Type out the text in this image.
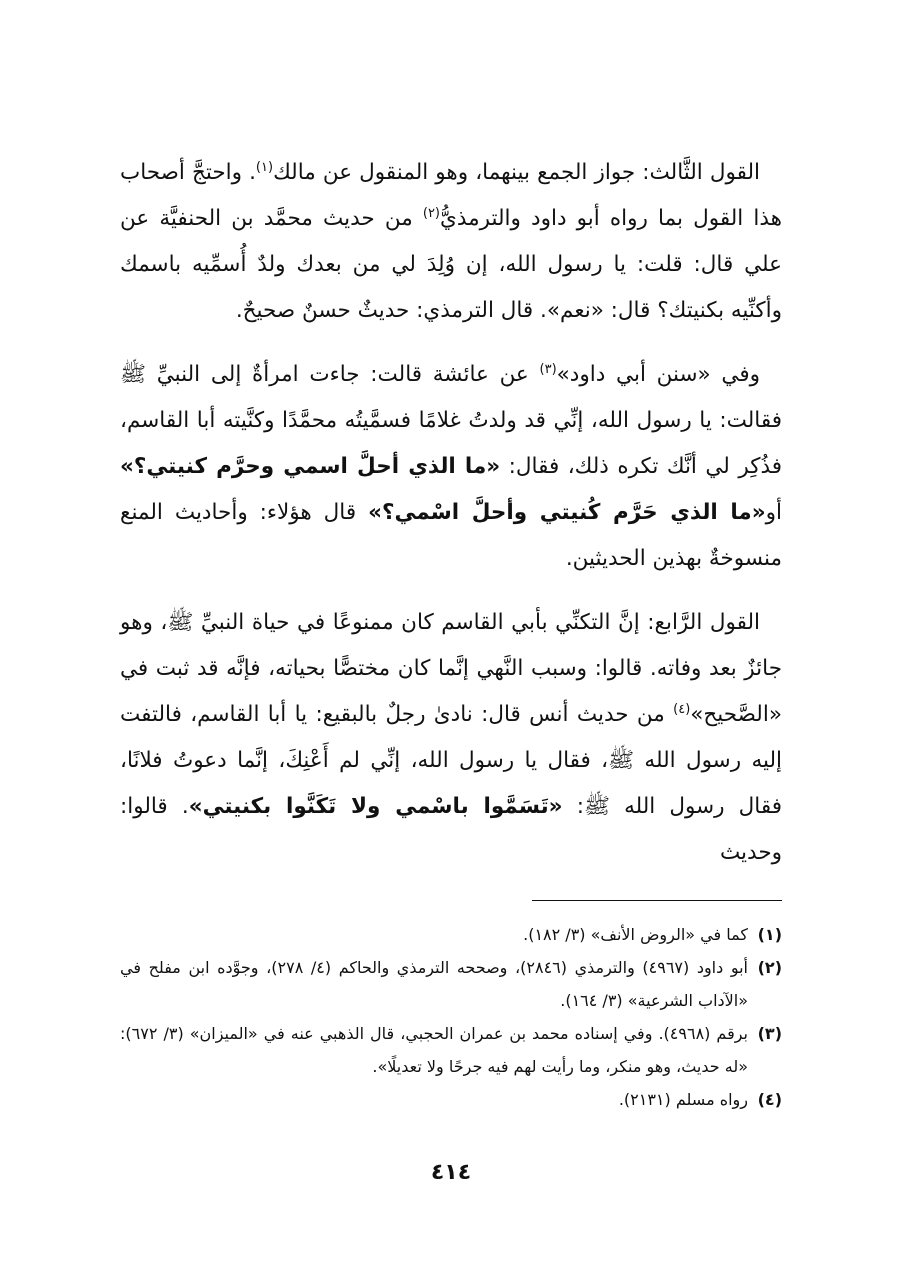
القول الثَّالث: جواز الجمع بينهما، وهو المنقول عن مالك$^{(١)}$. واحتجَّ أصحاب هذا القول بما رواه أبو داود والترمذيُّ$^{(٢)}$ من حديث محمَّد بن الحنفيَّة عن علي قال: قلت: يا رسول الله، إن وُلِدَ لي من بعدك ولدٌ أُسمِّيه باسمك وأكنِّيه بكنيتك؟ قال: «نعم». قال الترمذي: حديثٌ حسنٌ صحيحٌ.

وفي «سنن أبي داود»$^{(٣)}$ عن عائشة قالت: جاءت امرأةٌ إلى النبيِّ ﷺ فقالت: يا رسول الله، إنِّي قد ولدتُ غلامًا فسمَّيتُه محمَّدًا وكنَّيته أبا القاسم، فذُكِر لي أنَّك تكره ذلك، فقال: «ما الذي أحلَّ اسمي وحرَّم كنيتي؟» أو«ما الذي حَرَّم كُنيتي وأحلَّ اسْمي؟» قال هؤلاء: وأحاديث المنع منسوخةٌ بهذين الحديثين.

القول الرَّابع: إنَّ التكنِّي بأبي القاسم كان ممنوعًا في حياة النبيِّ ﷺ، وهو جائزٌ بعد وفاته. قالوا: وسبب النَّهي إنَّما كان مختصًّا بحياته، فإنَّه قد ثبت في «الصَّحيح»$^{(٤)}$ من حديث أنس قال: نادىٰ رجلٌ بالبقيع: يا أبا القاسم، فالتفت إليه رسول الله ﷺ، فقال يا رسول الله، إنِّي لم أَعْنِكَ، إنَّما دعوتُ فلانًا، فقال رسول الله ﷺ: «تَسَمَّوا باسْمي ولا تَكَنَّوا بكنيتي». قالوا: وحديث

(١)
كما في «الروض الأنف» (٣/ ١٨٢).
(٢)
أبو داود (٤٩٦٧) والترمذي (٢٨٤٦)، وصححه الترمذي والحاكم (٤/ ٢٧٨)، وجوَّده ابن مفلح في «الآداب الشرعية» (٣/ ١٦٤).
(٣)
برقم (٤٩٦٨). وفي إسناده محمد بن عمران الحجبي، قال الذهبي عنه في «الميزان» (٣/ ٦٧٢): «له حديث، وهو منكر، وما رأيت لهم فيه جرحًا ولا تعديلًا».
(٤)
رواه مسلم (٢١٣١).
٤١٤
